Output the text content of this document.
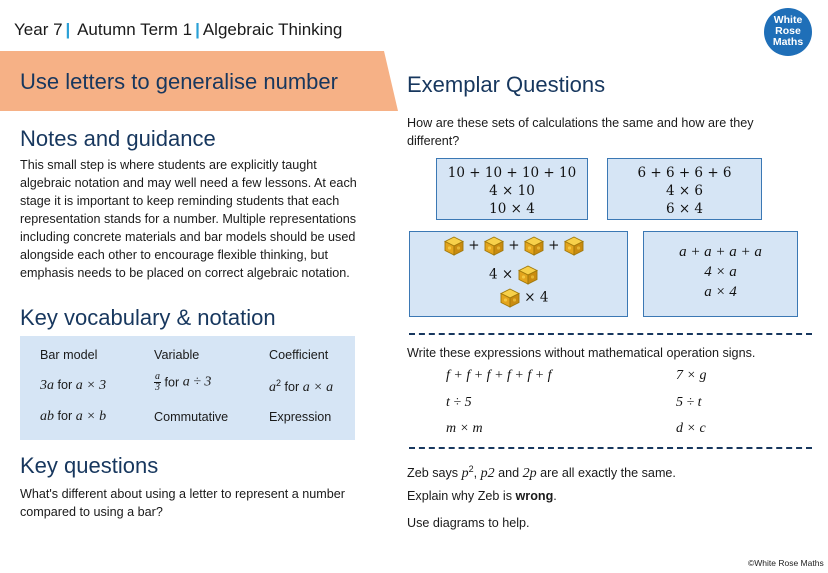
Year 7 | Autumn Term 1 | Algebraic Thinking	White
Rose
Maths
Use letters to generalise number
Notes and guidance
This small step is where students are explicitly taught algebraic notation and may well need a few lessons. At each stage it is important to keep reminding students that each representation stands for a number. Multiple representations including concrete materials and bar models should be used alongside each other to encourage flexible thinking, but emphasis needs to be placed on correct algebraic notation.
Key vocabulary & notation
Bar model	Variable	Coefficient
3a for a × 3	$\frac{a}{3}$ for a ÷ 3	$a^2$ for a × a
ab for a × b	Commutative	Expression
Key questions
What's different about using a letter to represent a number compared to using a bar?
Exemplar Questions
How are these sets of calculations the same and how are they different?
10 + 10 + 10 + 10
4 × 10
10 × 4
6 + 6 + 6 + 6
4 × 6
6 × 4
+ + +
4 ×
× 4
a + a + a + a
4 × a
a × 4
Write these expressions without mathematical operation signs.
f + f + f + f + f + f	7 × g
t ÷ 5	5 ÷ t
m × m	d × c
Zeb says $p^2$, p2 and 2p are all exactly the same.
Explain why Zeb is wrong.
Use diagrams to help.
©White Rose Maths
